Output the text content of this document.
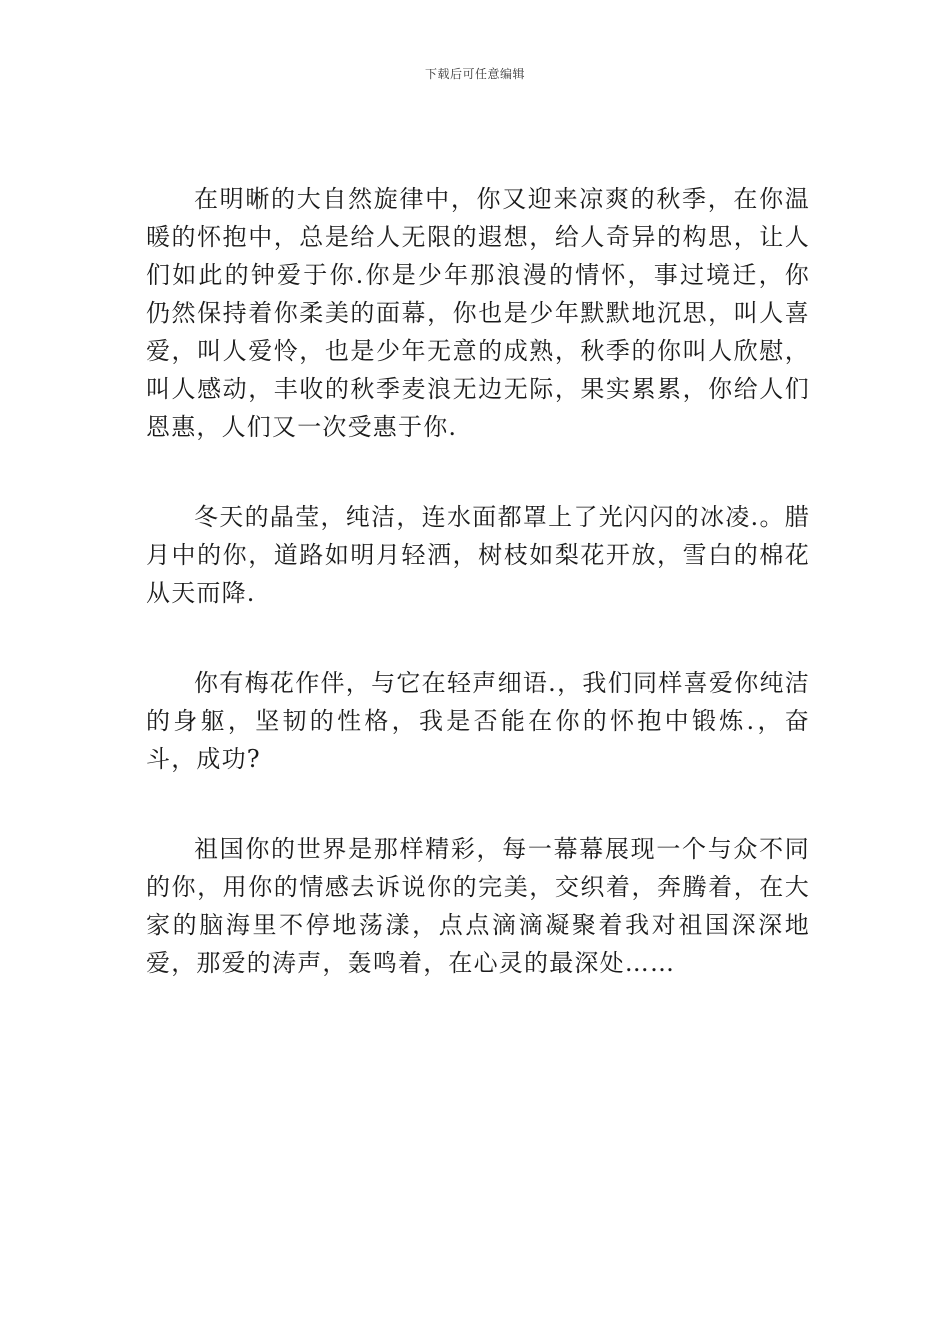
下载后可任意编辑

在明晰的大自然旋律中，你又迎来凉爽的秋季，在你温暖的怀抱中，总是给人无限的遐想，给人奇异的构思，让人们如此的钟爱于你.你是少年那浪漫的情怀，事过境迁，你仍然保持着你柔美的面幕，你也是少年默默地沉思，叫人喜爱，叫人爱怜，也是少年无意的成熟，秋季的你叫人欣慰，叫人感动，丰收的秋季麦浪无边无际，果实累累，你给人们恩惠，人们又一次受惠于你.

冬天的晶莹，纯洁，连水面都罩上了光闪闪的冰凌.。腊月中的你，道路如明月轻洒，树枝如梨花开放，雪白的棉花从天而降.

你有梅花作伴，与它在轻声细语.，我们同样喜爱你纯洁的身躯，坚韧的性格，我是否能在你的怀抱中锻炼.，奋斗，成功?

祖国你的世界是那样精彩，每一幕幕展现一个与众不同的你，用你的情感去诉说你的完美，交织着，奔腾着，在大家的脑海里不停地荡漾，点点滴滴凝聚着我对祖国深深地爱，那爱的涛声，轰鸣着，在心灵的最深处……
